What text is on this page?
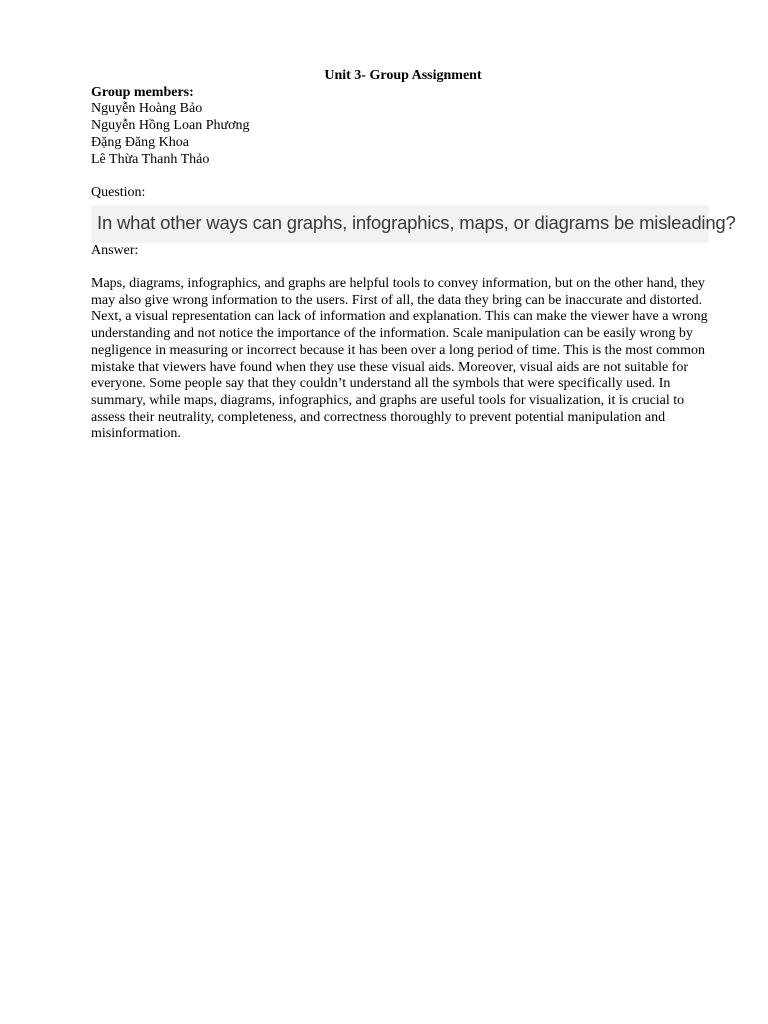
Unit 3- Group Assignment

Group members:

Nguyễn Hoàng Bảo

Nguyễn Hồng Loan Phương

Đặng Đăng Khoa

Lê Thừa Thanh Thảo

Question:

In what other ways can graphs, infographics, maps, or diagrams be misleading?

Answer:

Maps, diagrams, infographics, and graphs are helpful tools to convey information, but on the other hand, they may also give wrong information to the users. First of all, the data they bring can be inaccurate and distorted. Next, a visual representation can lack of information and explanation. This can make the viewer have a wrong understanding and not notice the importance of the information. Scale manipulation can be easily wrong by negligence in measuring or incorrect because it has been over a long period of time. This is the most common mistake that viewers have found when they use these visual aids. Moreover, visual aids are not suitable for everyone. Some people say that they couldn’t understand all the symbols that were specifically used. In summary, while maps, diagrams, infographics, and graphs are useful tools for visualization, it is crucial to assess their neutrality, completeness, and correctness thoroughly to prevent potential manipulation and misinformation.
